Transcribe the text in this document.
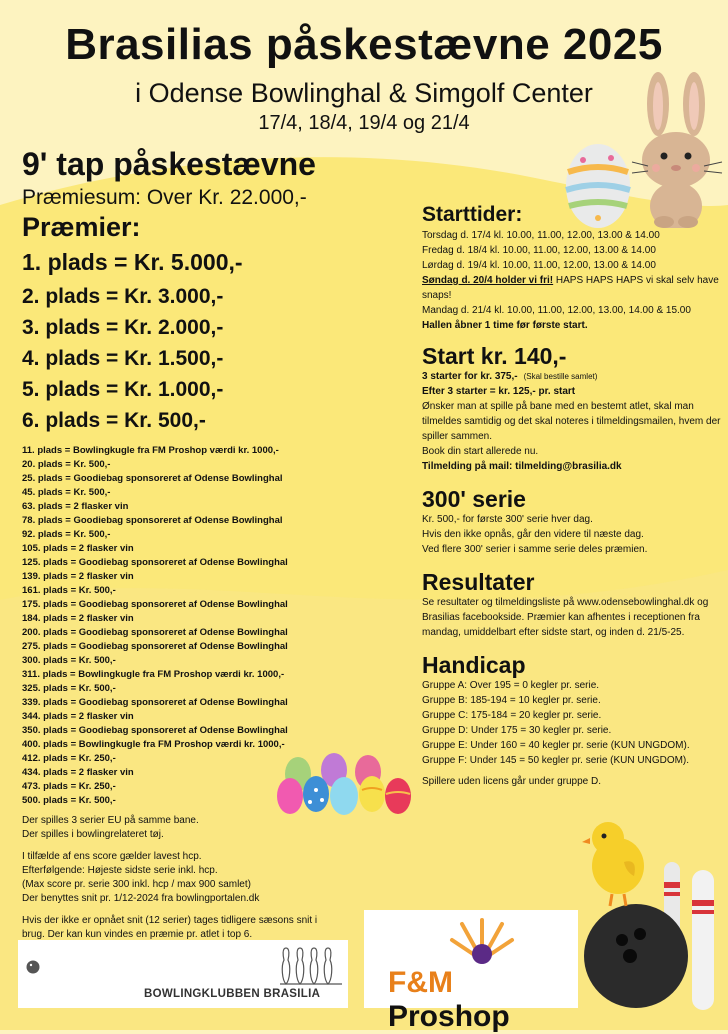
Brasilias påskestævne 2025
i Odense Bowlinghal & Simgolf Center
17/4, 18/4, 19/4 og 21/4
9' tap påskestævne
Præmiesum: Over Kr. 22.000,-
Præmier:
1. plads = Kr. 5.000,-
2. plads = Kr. 3.000,-
3. plads = Kr. 2.000,-
4. plads = Kr. 1.500,-
5. plads = Kr. 1.000,-
6. plads = Kr. 500,-
11. plads = Bowlingkugle fra FM Proshop værdi kr. 1000,-
20. plads = Kr. 500,-
25. plads = Goodiebag sponsoreret af Odense Bowlinghal
45. plads = Kr. 500,-
63. plads = 2 flasker vin
78. plads = Goodiebag sponsoreret af Odense Bowlinghal
92. plads = Kr. 500,-
105. plads = 2 flasker vin
125. plads = Goodiebag sponsoreret af Odense Bowlinghal
139. plads = 2 flasker vin
161. plads = Kr. 500,-
175. plads = Goodiebag sponsoreret af Odense Bowlinghal
184. plads = 2 flasker vin
200. plads = Goodiebag sponsoreret af Odense Bowlinghal
275. plads = Goodiebag sponsoreret af Odense Bowlinghal
300. plads = Kr. 500,-
311. plads = Bowlingkugle fra FM Proshop værdi kr. 1000,-
325. plads = Kr. 500,-
339. plads = Goodiebag sponsoreret af Odense Bowlinghal
344. plads = 2 flasker vin
350. plads = Goodiebag sponsoreret af Odense Bowlinghal
400. plads = Bowlingkugle fra FM Proshop værdi kr. 1000,-
412. plads = Kr. 250,-
434. plads = 2 flasker vin
473. plads = Kr. 250,-
500. plads = Kr. 500,-

Der spilles 3 serier EU på samme bane.
Der spilles i bowlingrelateret tøj.

I tilfælde af ens score gælder lavest hcp.
Efterfølgende: Højeste sidste serie inkl. hcp.
(Max score pr. serie 300 inkl. hcp / max 900 samlet)
Der benyttes snit pr. 1/12-2024 fra bowlingportalen.dk

Hvis der ikke er opnået snit (12 serier) tages tidligere sæsons snit i brug. Der kan kun vindes en præmie pr. atlet i top 6.

Starttider:
Torsdag d. 17/4 kl. 10.00, 11.00, 12.00, 13.00 & 14.00
Fredag d. 18/4 kl. 10.00, 11.00, 12.00, 13.00 & 14.00
Lørdag d. 19/4 kl. 10.00, 11.00, 12.00, 13.00 & 14.00
Søndag d. 20/4 holder vi fri! HAPS HAPS HAPS vi skal selv have snaps!
Mandag d. 21/4 kl. 10.00, 11.00, 12.00, 13.00, 14.00 & 15.00
Hallen åbner 1 time før første start.
Start kr. 140,-
3 starter for kr. 375,- (Skal bestille samlet)
Efter 3 starter = kr. 125,- pr. start
Ønsker man at spille på bane med en bestemt atlet, skal man tilmeldes samtidig og det skal noteres i tilmeldingsmailen, hvem der spiller sammen.
Book din start allerede nu.
Tilmelding på mail: tilmelding@brasilia.dk
300' serie
Kr. 500,- for første 300' serie hver dag.
Hvis den ikke opnås, går den videre til næste dag.
Ved flere 300' serier i samme serie deles præmien.
Resultater
Se resultater og tilmeldingsliste på www.odensebowlinghal.dk og Brasilias facebookside. Præmier kan afhentes i receptionen fra mandag, umiddelbart efter sidste start, og inden d. 21/5-25.
Handicap
Gruppe A: Over 195 = 0 kegler pr. serie.
Gruppe B: 185-194 = 10 kegler pr. serie.
Gruppe C: 175-184 = 20 kegler pr. serie.
Gruppe D: Under 175 = 30 kegler pr. serie.
Gruppe E: Under 160 = 40 kegler pr. serie (KUN UNGDOM).
Gruppe F: Under 145 = 50 kegler pr. serie (KUN UNGDOM).
Spillere uden licens går under gruppe D.
BOWLINGKLUBBEN BRASILIA F&M Proshop
